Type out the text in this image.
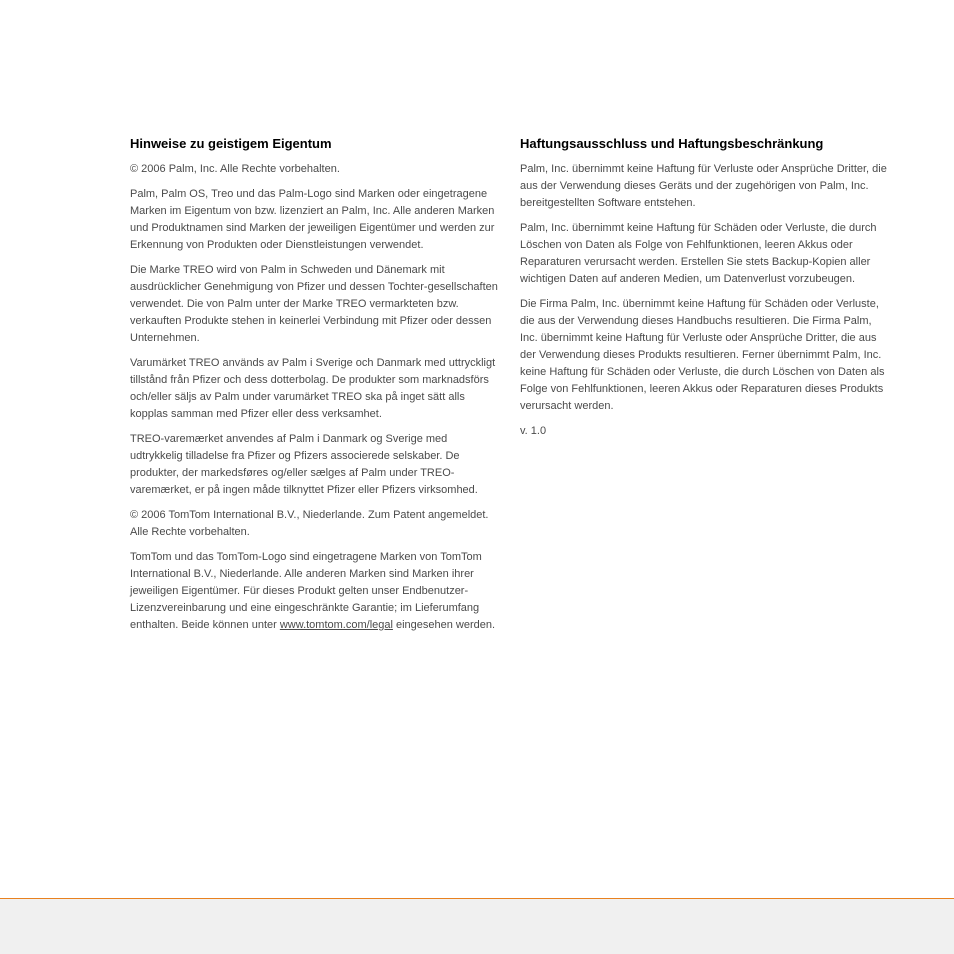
Hinweise zu geistigem Eigentum

© 2006 Palm, Inc. Alle Rechte vorbehalten.

Palm, Palm OS, Treo und das Palm-Logo sind Marken oder eingetragene Marken im Eigentum von bzw. lizenziert an Palm, Inc. Alle anderen Marken und Produktnamen sind Marken der jeweiligen Eigentümer und werden zur Erkennung von Produkten oder Dienstleistungen verwendet.

Die Marke TREO wird von Palm in Schweden und Dänemark mit ausdrücklicher Genehmigung von Pfizer und dessen Tochter-gesellschaften verwendet. Die von Palm unter der Marke TREO vermarkteten bzw. verkauften Produkte stehen in keinerlei Verbindung mit Pfizer oder dessen Unternehmen.

Varumärket TREO används av Palm i Sverige och Danmark med uttryckligt tillstånd från Pfizer och dess dotterbolag. De produkter som marknadsförs och/eller säljs av Palm under varumärket TREO ska på inget sätt alls kopplas samman med Pfizer eller dess verksamhet.

TREO-varemærket anvendes af Palm i Danmark og Sverige med udtrykkelig tilladelse fra Pfizer og Pfizers associerede selskaber. De produkter, der markedsføres og/eller sælges af Palm under TREO-varemærket, er på ingen måde tilknyttet Pfizer eller Pfizers virksomhed.

© 2006 TomTom International B.V., Niederlande. Zum Patent angemeldet. Alle Rechte vorbehalten.

TomTom und das TomTom-Logo sind eingetragene Marken von TomTom International B.V., Niederlande. Alle anderen Marken sind Marken ihrer jeweiligen Eigentümer. Für dieses Produkt gelten unser Endbenutzer-Lizenzvereinbarung und eine eingeschränkte Garantie; im Lieferumfang enthalten. Beide können unter www.tomtom.com/legal eingesehen werden.

Haftungsausschluss und Haftungsbeschränkung

Palm, Inc. übernimmt keine Haftung für Verluste oder Ansprüche Dritter, die aus der Verwendung dieses Geräts und der zugehörigen von Palm, Inc. bereitgestellten Software entstehen.

Palm, Inc. übernimmt keine Haftung für Schäden oder Verluste, die durch Löschen von Daten als Folge von Fehlfunktionen, leeren Akkus oder Reparaturen verursacht werden. Erstellen Sie stets Backup-Kopien aller wichtigen Daten auf anderen Medien, um Datenverlust vorzubeugen.

Die Firma Palm, Inc. übernimmt keine Haftung für Schäden oder Verluste, die aus der Verwendung dieses Handbuchs resultieren. Die Firma Palm, Inc. übernimmt keine Haftung für Verluste oder Ansprüche Dritter, die aus der Verwendung dieses Produkts resultieren. Ferner übernimmt Palm, Inc. keine Haftung für Schäden oder Verluste, die durch Löschen von Daten als Folge von Fehlfunktionen, leeren Akkus oder Reparaturen dieses Produkts verursacht werden.

v. 1.0
